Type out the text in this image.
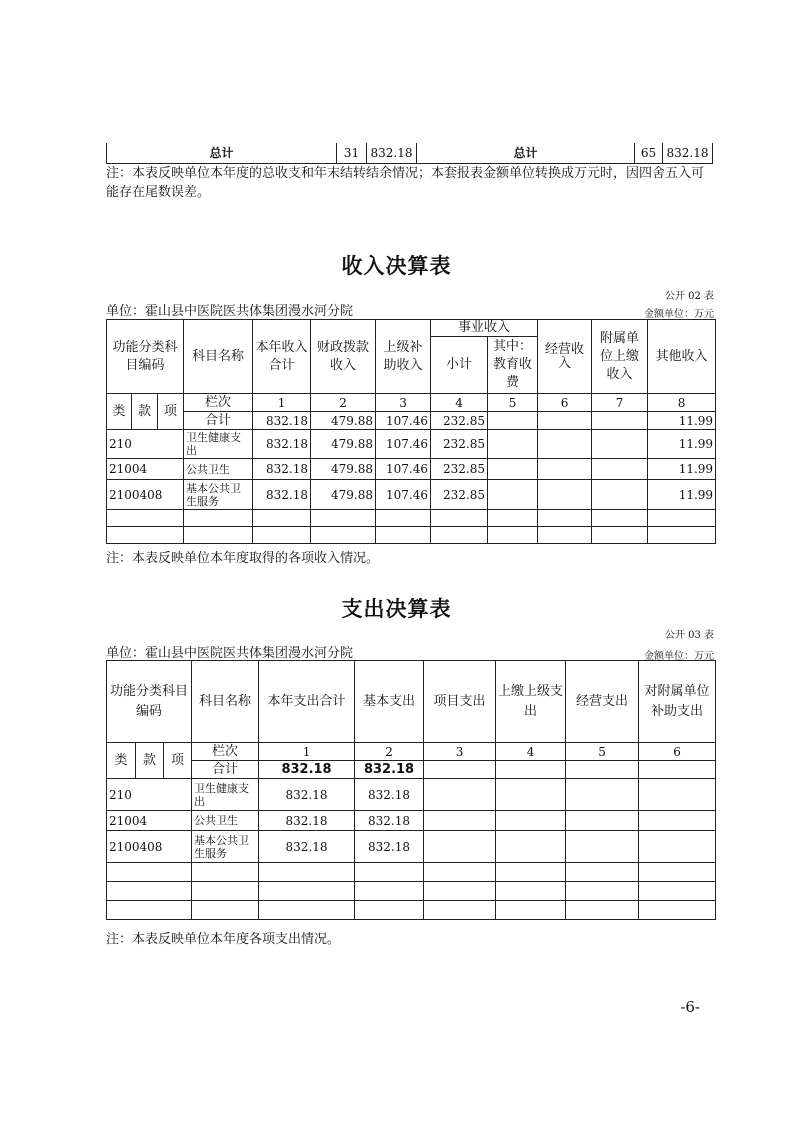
总计	31	832.18	总计	65	832.18
注：本表反映单位本年度的总收支和年末结转结余情况；本套报表金额单位转换成万元时，因四舍五入可能存在尾数误差。
收入决算表
公开 02 表
单位：霍山县中医院医共体集团漫水河分院	金额单位：万元
功能分类科目编码			科目名称	本年收入合计	财政拨款收入	上级补助收入	事业收入		经营收入	附属单位上缴收入	其他收入
							小计	其中：教育收费			
类	款	项	栏次	1	2	3	4	5	6	7	8
			合计	832.18	479.88	107.46	232.85				11.99
210			卫生健康支出	832.18	479.88	107.46	232.85				11.99
21004			公共卫生	832.18	479.88	107.46	232.85				11.99
2100408			基本公共卫生服务	832.18	479.88	107.46	232.85				11.99

注：本表反映单位本年度取得的各项收入情况。
支出决算表
公开 03 表
单位：霍山县中医院医共体集团漫水河分院	金额单位：万元
功能分类科目编码			科目名称	本年支出合计	基本支出	项目支出	上缴上级支出	经营支出	对附属单位补助支出
类	款	项	栏次	1	2	3	4	5	6
			合计	832.18	832.18				
210			卫生健康支出	832.18	832.18				
21004			公共卫生	832.18	832.18				
2100408			基本公共卫生服务	832.18	832.18				

注：本表反映单位本年度各项支出情况。
-6-
